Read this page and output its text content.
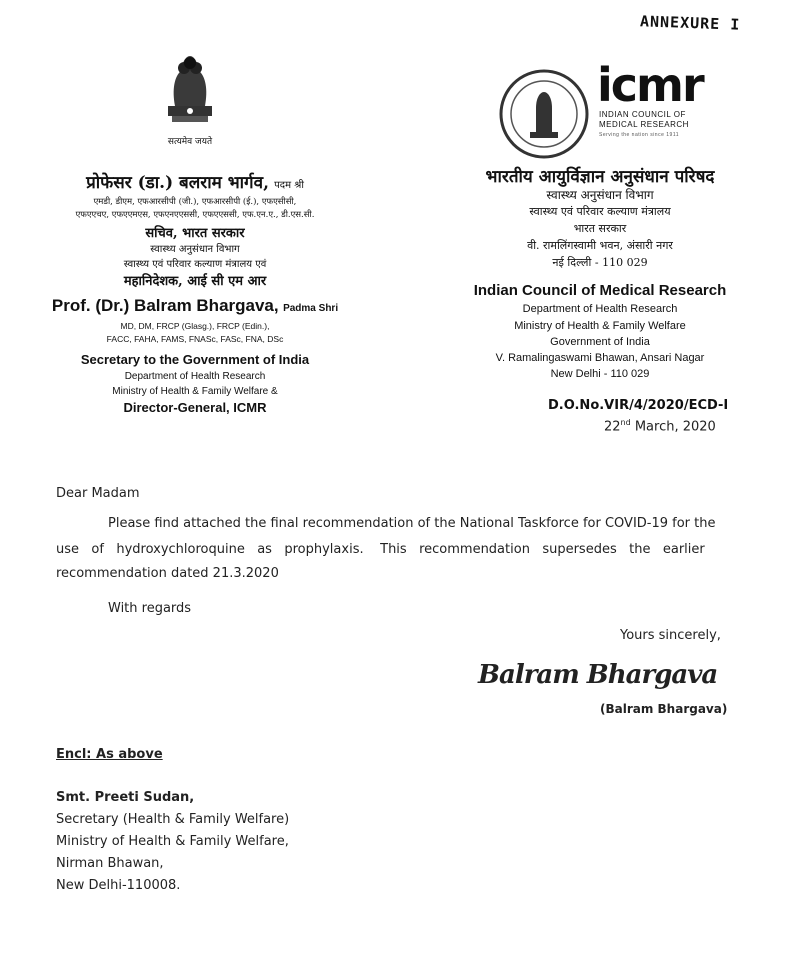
ANNEXURE I
सत्यमेव जयते
प्रोफेसर (डा.) बलराम भार्गव, पदम श्री
एमडी, डीएम, एफआरसीपी (जी.), एफआरसीपी (ई.), एफएसीसी,
एफएएचए, एफएएमएस, एफएनएएससी, एफएएससी, एफ.एन.ए., डी.एस.सी.
सचिव, भारत सरकार
स्वास्थ्य अनुसंधान विभाग
स्वास्थ्य एवं परिवार कल्याण मंत्रालय एवं
महानिदेशक, आई सी एम आर
Prof. (Dr.) Balram Bhargava, Padma Shri
MD, DM, FRCP (Glasg.), FRCP (Edin.),
FACC, FAHA, FAMS, FNASc, FASc, FNA, DSc
Secretary to the Government of India
Department of Health Research
Ministry of Health & Family Welfare &
Director-General, ICMR
icmr
INDIAN COUNCIL OF
MEDICAL RESEARCH
Serving the nation since 1911
भारतीय आयुर्विज्ञान अनुसंधान परिषद
स्वास्थ्य अनुसंधान विभाग
स्वास्थ्य एवं परिवार कल्याण मंत्रालय
भारत सरकार
वी. रामलिंगस्वामी भवन, अंसारी नगर
नई दिल्ली - 110 029
Indian Council of Medical Research
Department of Health Research
Ministry of Health & Family Welfare
Government of India
V. Ramalingaswami Bhawan, Ansari Nagar
New Delhi - 110 029
D.O.No.VIR/4/2020/ECD-I
22nd March, 2020
Dear Madam
Please find attached the final recommendation of the National Taskforce for COVID-19 for the
use   of   hydroxychloroquine   as   prophylaxis.    This   recommendation   supersedes   the   earlier
recommendation dated 21.3.2020
With regards
Yours sincerely,
Balram Bhargava
(Balram Bhargava)
Encl: As above
Smt. Preeti Sudan,
Secretary (Health & Family Welfare)
Ministry of Health & Family Welfare,
Nirman Bhawan,
New Delhi-110008.
